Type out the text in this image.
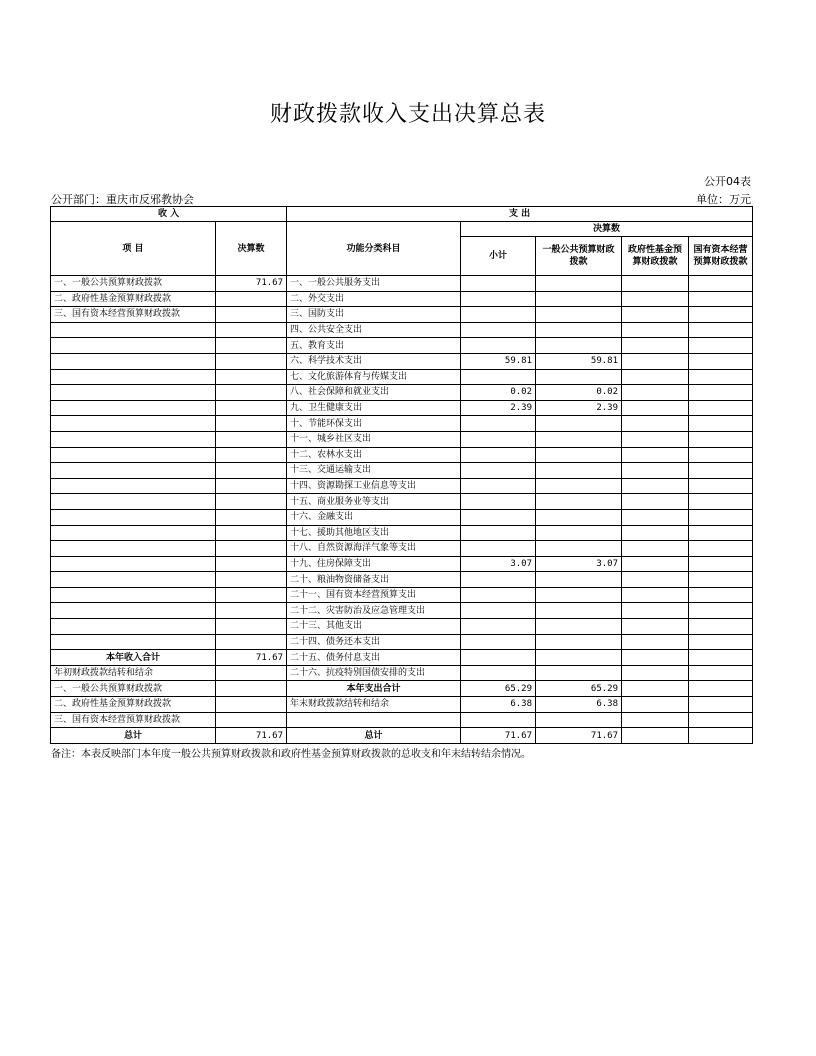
财政拨款收入支出决算总表
公开04表
公开部门：重庆市反邪教协会	单位：万元
收 入		支 出				
项 目	决算数	功能分类科目	决算数			
			小计	一般公共预算财政拨款	政府性基金预算财政拨款	国有资本经营预算财政拨款
一、一般公共预算财政拨款	71.67	一、一般公共服务支出				
二、政府性基金预算财政拨款		二、外交支出				
三、国有资本经营预算财政拨款		三、国防支出				
		四、公共安全支出				
		五、教育支出				
		六、科学技术支出	59.81	59.81		
		七、文化旅游体育与传媒支出				
		八、社会保障和就业支出	0.02	0.02		
		九、卫生健康支出	2.39	2.39		
		十、节能环保支出				
		十一、城乡社区支出				
		十二、农林水支出				
		十三、交通运输支出				
		十四、资源勘探工业信息等支出				
		十五、商业服务业等支出				
		十六、金融支出				
		十七、援助其他地区支出				
		十八、自然资源海洋气象等支出				
		十九、住房保障支出	3.07	3.07		
		二十、粮油物资储备支出				
		二十一、国有资本经营预算支出				
		二十二、灾害防治及应急管理支出				
		二十三、其他支出				
		二十四、债务还本支出				
本年收入合计	71.67	二十五、债务付息支出				
年初财政拨款结转和结余		二十六、抗疫特别国债安排的支出				
一、一般公共预算财政拨款		本年支出合计	65.29	65.29		
二、政府性基金预算财政拨款		年末财政拨款结转和结余	6.38	6.38		
三、国有资本经营预算财政拨款						
总计	71.67	总计	71.67	71.67		
备注：本表反映部门本年度一般公共预算财政拨款和政府性基金预算财政拨款的总收支和年末结转结余情况。
